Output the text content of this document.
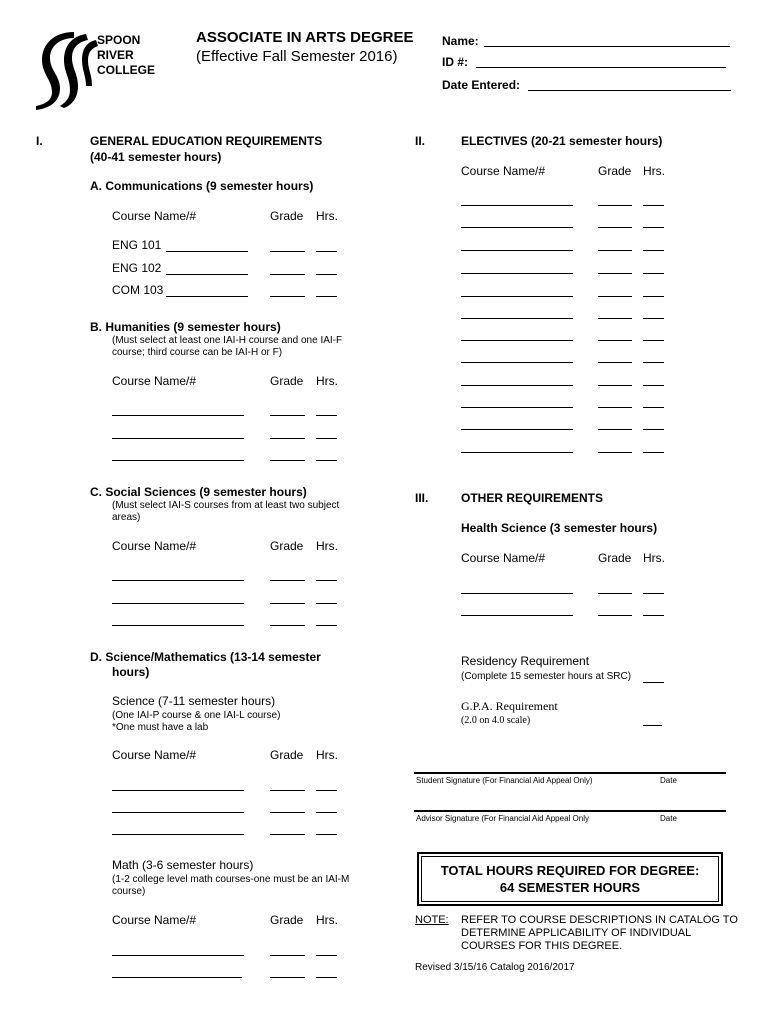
SPOON
RIVER
COLLEGE
ASSOCIATE IN ARTS DEGREE
(Effective Fall Semester 2016)
Name:
ID #:
Date Entered:
I.	GENERAL EDUCATION REQUIREMENTS
(40-41 semester hours)
A. Communications (9 semester hours)
Course Name/#	Grade Hrs.
ENG 101
ENG 102
COM 103
B. Humanities (9 semester hours)
(Must select at least one IAI-H course and one IAI-F
course; third course can be IAI-H or F)
Course Name/#	Grade Hrs.
C. Social Sciences (9 semester hours)
(Must select IAI-S courses from at least two subject
areas)
Course Name/#	Grade Hrs.
D. Science/Mathematics (13-14 semester
hours)
Science (7-11 semester hours)
(One IAI-P course & one IAI-L course)
*One must have a lab
Course Name/#	Grade Hrs.
Math (3-6 semester hours)
(1-2 college level math courses-one must be an IAI-M
course)
Course Name/#	Grade Hrs.
II.	ELECTIVES (20-21 semester hours)
Course Name/#	Grade Hrs.
III.	OTHER REQUIREMENTS
Health Science (3 semester hours)
Course Name/#	Grade Hrs.
Residency Requirement
(Complete 15 semester hours at SRC)
G.P.A. Requirement
(2.0 on 4.0 scale)
Student Signature (For Financial Aid Appeal Only)	Date
Advisor Signature (For Financial Aid Appeal Only	Date
TOTAL HOURS REQUIRED FOR DEGREE:
64 SEMESTER HOURS
NOTE: REFER TO COURSE DESCRIPTIONS IN CATALOG TO
DETERMINE APPLICABILITY OF INDIVIDUAL
COURSES FOR THIS DEGREE.
Revised 3/15/16 Catalog 2016/2017
